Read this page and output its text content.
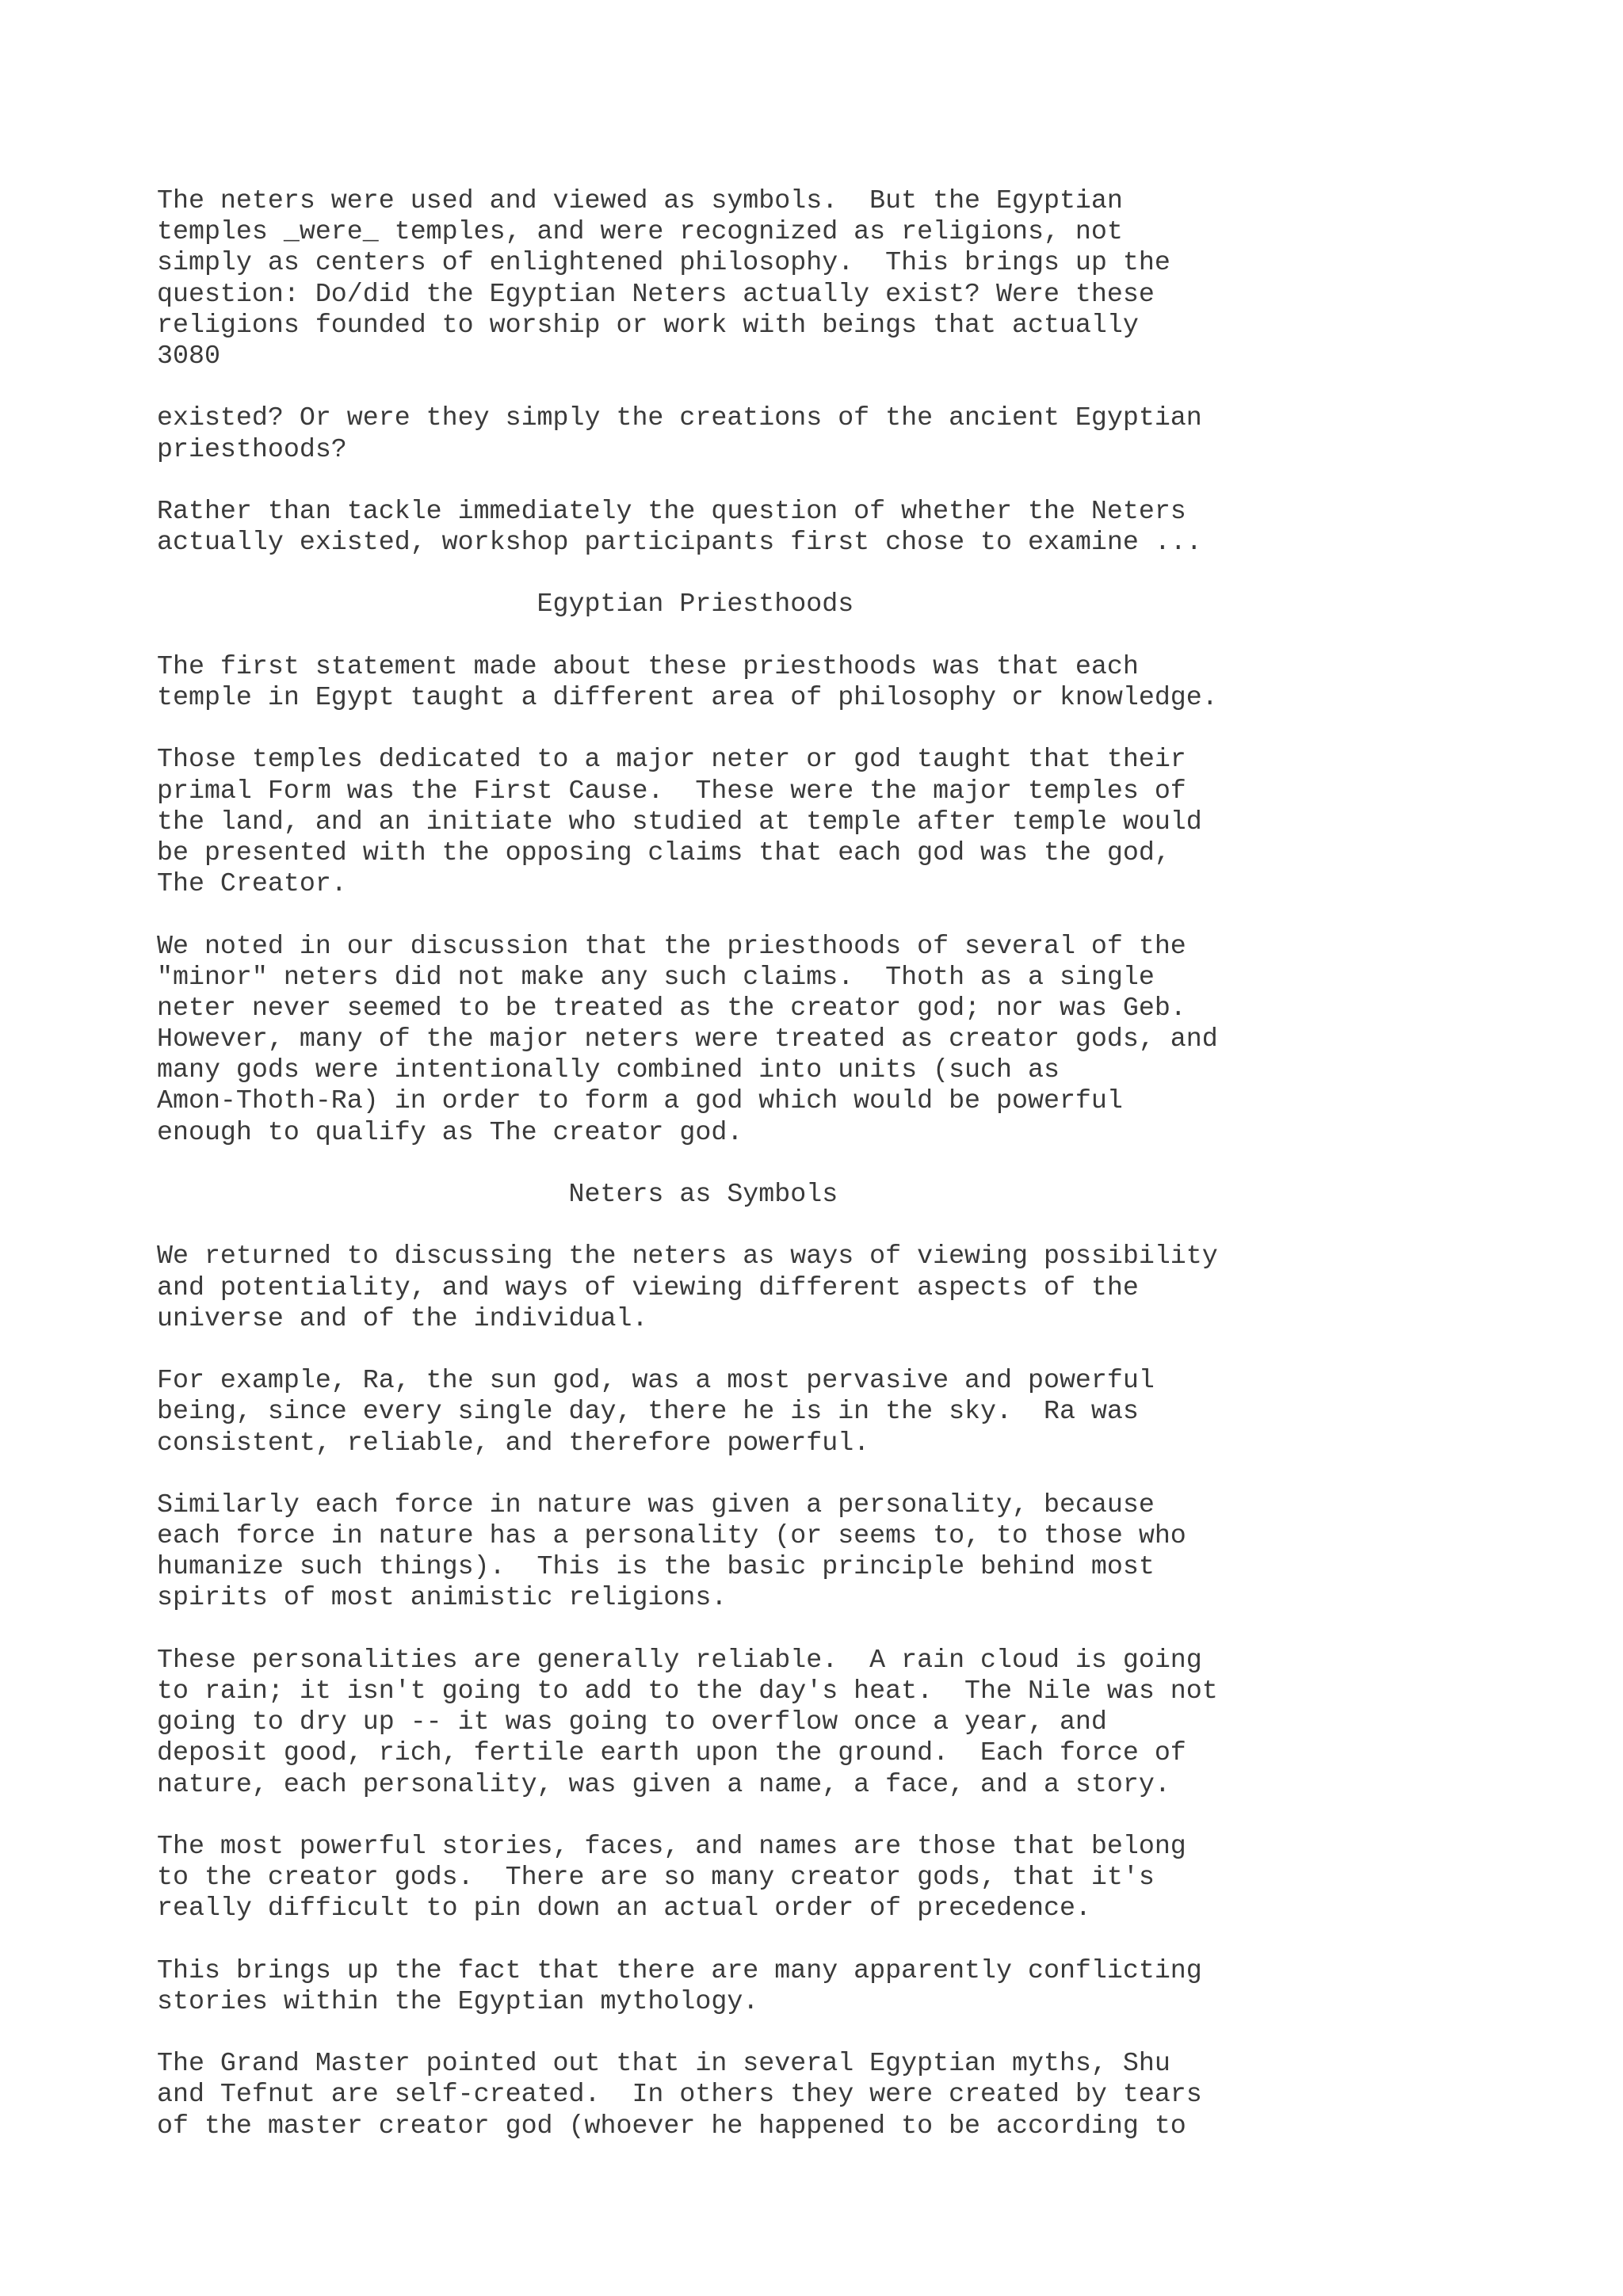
The neters were used and viewed as symbols.  But the Egyptian
temples _were_ temples, and were recognized as religions, not
simply as centers of enlightened philosophy.  This brings up the
question: Do/did the Egyptian Neters actually exist? Were these
religions founded to worship or work with beings that actually
3080
existed? Or were they simply the creations of the ancient Egyptian
priesthoods?
Rather than tackle immediately the question of whether the Neters
actually existed, workshop participants first chose to examine ...
Egyptian Priesthoods
The first statement made about these priesthoods was that each
temple in Egypt taught a different area of philosophy or knowledge.
Those temples dedicated to a major neter or god taught that their
primal Form was the First Cause.  These were the major temples of
the land, and an initiate who studied at temple after temple would
be presented with the opposing claims that each god was the god,
The Creator.
We noted in our discussion that the priesthoods of several of the
"minor" neters did not make any such claims.  Thoth as a single
neter never seemed to be treated as the creator god; nor was Geb.
However, many of the major neters were treated as creator gods, and
many gods were intentionally combined into units (such as
Amon-Thoth-Ra) in order to form a god which would be powerful
enough to qualify as The creator god.
Neters as Symbols
We returned to discussing the neters as ways of viewing possibility
and potentiality, and ways of viewing different aspects of the
universe and of the individual.
For example, Ra, the sun god, was a most pervasive and powerful
being, since every single day, there he is in the sky.  Ra was
consistent, reliable, and therefore powerful.
Similarly each force in nature was given a personality, because
each force in nature has a personality (or seems to, to those who
humanize such things).  This is the basic principle behind most
spirits of most animistic religions.
These personalities are generally reliable.  A rain cloud is going
to rain; it isn't going to add to the day's heat.  The Nile was not
going to dry up -- it was going to overflow once a year, and
deposit good, rich, fertile earth upon the ground.  Each force of
nature, each personality, was given a name, a face, and a story.
The most powerful stories, faces, and names are those that belong
to the creator gods.  There are so many creator gods, that it's
really difficult to pin down an actual order of precedence.
This brings up the fact that there are many apparently conflicting
stories within the Egyptian mythology.
The Grand Master pointed out that in several Egyptian myths, Shu
and Tefnut are self-created.  In others they were created by tears
of the master creator god (whoever he happened to be according to
